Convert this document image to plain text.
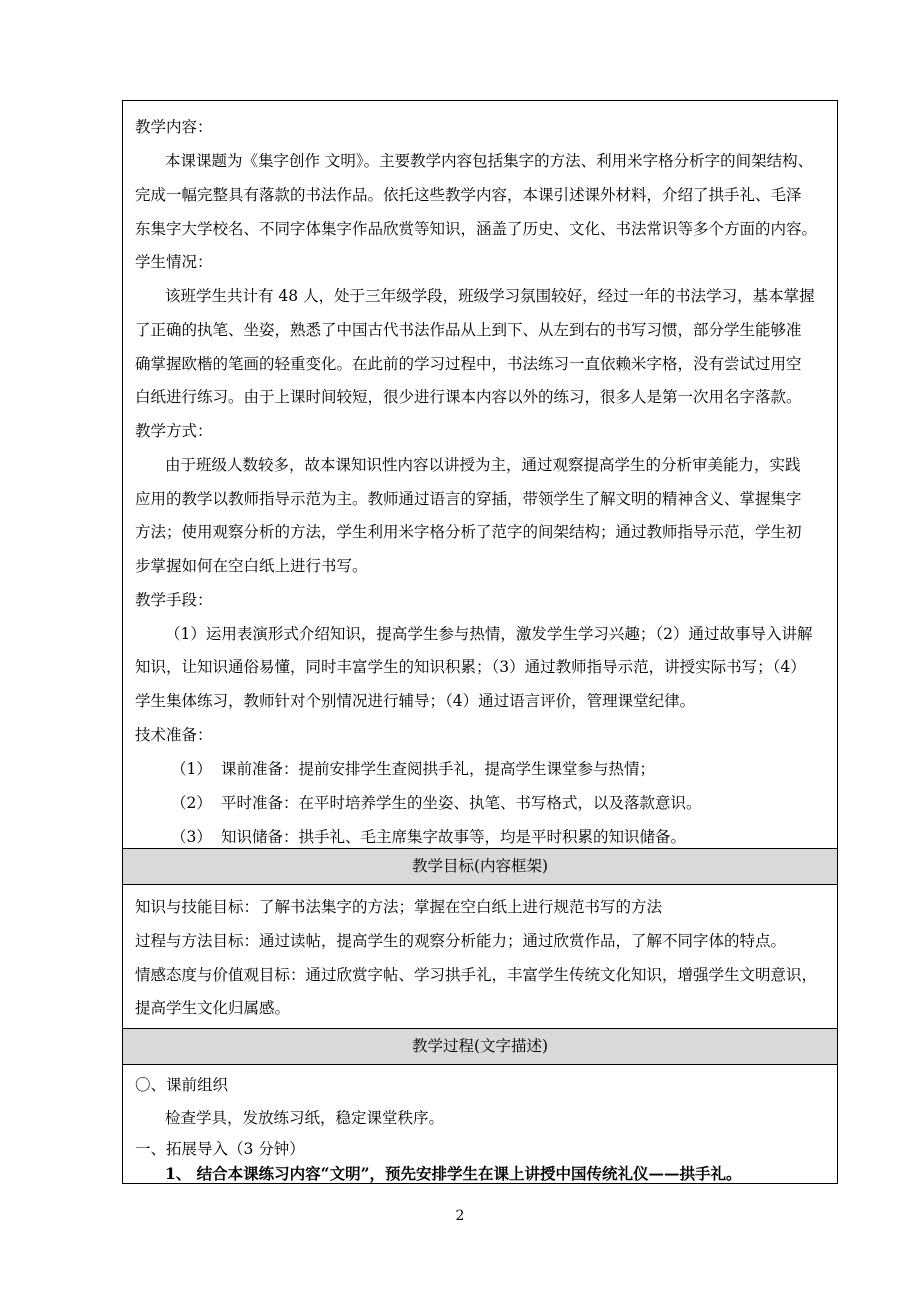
教学内容：
本课课题为《集字创作 文明》。主要教学内容包括集字的方法、利用米字格分析字的间架结构、
完成一幅完整具有落款的书法作品。依托这些教学内容，本课引述课外材料，介绍了拱手礼、毛泽
东集字大学校名、不同字体集字作品欣赏等知识，涵盖了历史、文化、书法常识等多个方面的内容。
学生情况：
该班学生共计有 48 人，处于三年级学段，班级学习氛围较好，经过一年的书法学习，基本掌握
了正确的执笔、坐姿，熟悉了中国古代书法作品从上到下、从左到右的书写习惯，部分学生能够准
确掌握欧楷的笔画的轻重变化。在此前的学习过程中，书法练习一直依赖米字格，没有尝试过用空
白纸进行练习。由于上课时间较短，很少进行课本内容以外的练习，很多人是第一次用名字落款。
教学方式：
由于班级人数较多，故本课知识性内容以讲授为主，通过观察提高学生的分析审美能力，实践
应用的教学以教师指导示范为主。教师通过语言的穿插，带领学生了解文明的精神含义、掌握集字
方法；使用观察分析的方法，学生利用米字格分析了范字的间架结构；通过教师指导示范，学生初
步掌握如何在空白纸上进行书写。
教学手段：
（1）运用表演形式介绍知识，提高学生参与热情，激发学生学习兴趣；（2）通过故事导入讲解
知识，让知识通俗易懂，同时丰富学生的知识积累；（3）通过教师指导示范，讲授实际书写；（4）
学生集体练习，教师针对个别情况进行辅导；（4）通过语言评价，管理课堂纪律。
技术准备：
（1） 课前准备：提前安排学生查阅拱手礼，提高学生课堂参与热情；
（2） 平时准备：在平时培养学生的坐姿、执笔、书写格式，以及落款意识。
（3） 知识储备：拱手礼、毛主席集字故事等，均是平时积累的知识储备。
教学目标(内容框架)
知识与技能目标：了解书法集字的方法；掌握在空白纸上进行规范书写的方法
过程与方法目标：通过读帖，提高学生的观察分析能力；通过欣赏作品，了解不同字体的特点。
情感态度与价值观目标：通过欣赏字帖、学习拱手礼，丰富学生传统文化知识，增强学生文明意识，
提高学生文化归属感。
教学过程(文字描述)
〇、课前组织
检查学具，发放练习纸，稳定课堂秩序。
一、拓展导入（3 分钟）
1、 结合本课练习内容“文明”，预先安排学生在课上讲授中国传统礼仪——拱手礼。
2
